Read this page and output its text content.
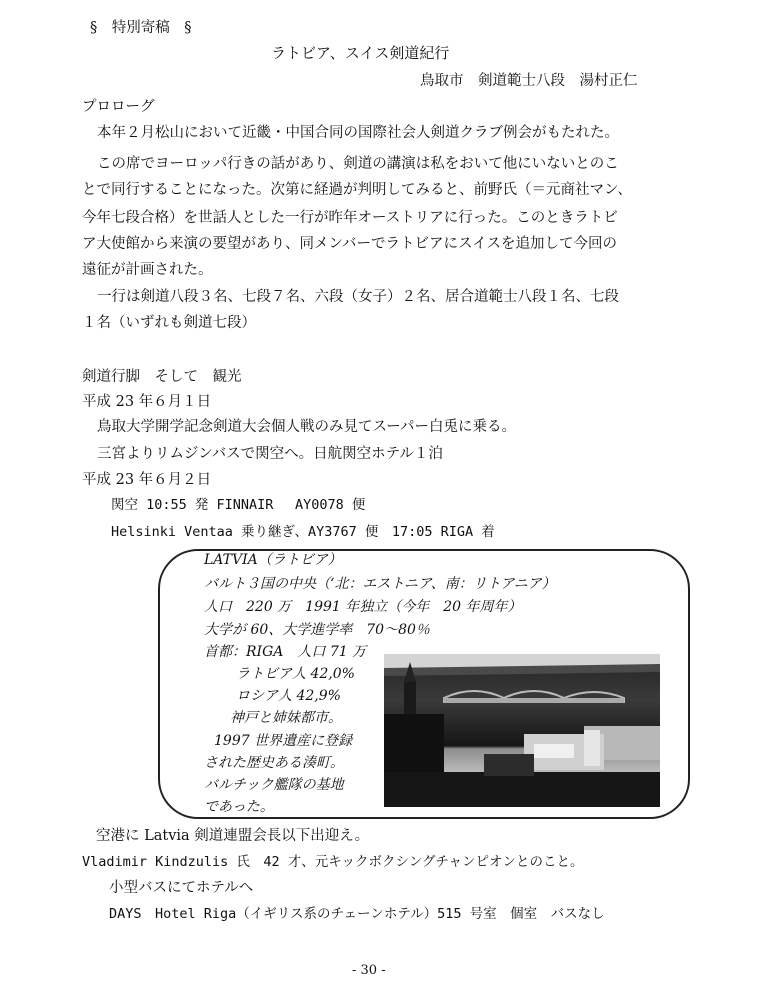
§　特別寄稿　§
ラトビア、スイス剣道紀行
鳥取市　剣道範士八段　湯村正仁
プロローグ
本年２月松山において近畿・中国合同の国際社会人剣道クラブ例会がもたれた。
この席でヨーロッパ行きの話があり、剣道の講演は私をおいて他にいないとのこ
とで同行することになった。次第に経過が判明してみると、前野氏（＝元商社マン、
今年七段合格）を世話人とした一行が昨年オーストリアに行った。このときラトビ
ア大使館から来演の要望があり、同メンバーでラトビアにスイスを追加して今回の
遠征が計画された。
一行は剣道八段３名、七段７名、六段（女子）２名、居合道範士八段１名、七段
１名（いずれも剣道七段）
剣道行脚　そして　観光
平成 23 年６月１日
鳥取大学開学記念剣道大会個人戦のみ見てスーパー白兎に乗る。
三宮よりリムジンバスで関空へ。日航関空ホテル１泊
平成 23 年６月２日
関空 10:55 発 FINNAIR　 AY0078 便
Helsinki Ventaa 乗り継ぎ、AY3767 便　17:05 RIGA 着
LATVIA（ラトビア）
バルト３国の中央（‘北：エストニア、南：リトアニア）
人口　220 万　1991 年独立（今年　20 年周年）
大学が 60、大学進学率　70〜80％
首都：RIGA　人口 71 万
ラトビア人 42,0%
ロシア人 42,9%
神戸と姉妹都市。
1997 世界遺産に登録
された歴史ある湊町。
バルチック艦隊の基地
であった。
空港に Latvia 剣道連盟会長以下出迎え。
Vladimir Kindzulis 氏　42 才、元キックボクシングチャンピオンとのこと。
小型バスにてホテルへ
DAYS　Hotel Riga（イギリス系のチェーンホテル）515 号室　個室　バスなし
- 30 -
